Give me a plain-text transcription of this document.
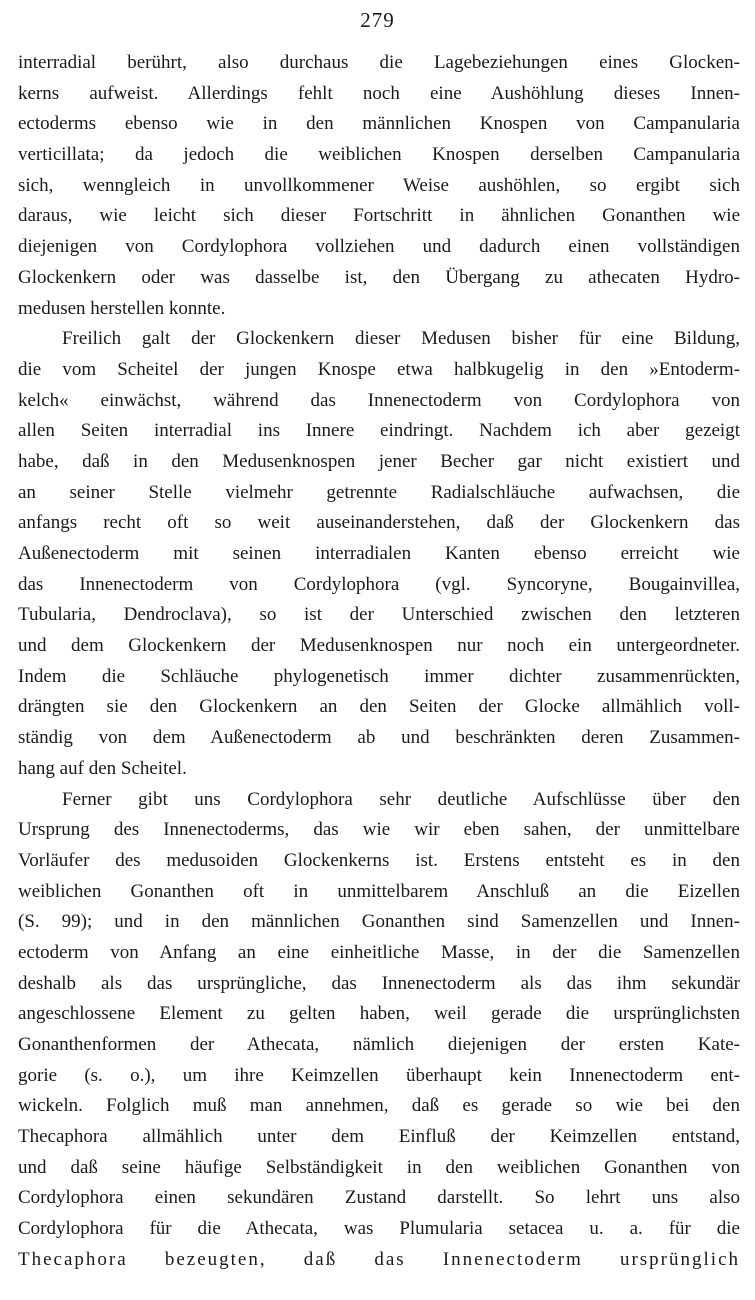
279
interradial berührt, also durchaus die Lagebeziehungen eines Glocken-
kerns aufweist. Allerdings fehlt noch eine Aushöhlung dieses Innen-
ectoderms ebenso wie in den männlichen Knospen von Campanularia
verticillata; da jedoch die weiblichen Knospen derselben Campanularia
sich, wenngleich in unvollkommener Weise aushöhlen, so ergibt sich
daraus, wie leicht sich dieser Fortschritt in ähnlichen Gonanthen wie
diejenigen von Cordylophora vollziehen und dadurch einen vollständigen
Glockenkern oder was dasselbe ist, den Übergang zu athecaten Hydro-
medusen herstellen konnte.
Freilich galt der Glockenkern dieser Medusen bisher für eine Bildung,
die vom Scheitel der jungen Knospe etwa halbkugelig in den »Entoderm-
kelch« einwächst, während das Innenectoderm von Cordylophora von
allen Seiten interradial ins Innere eindringt. Nachdem ich aber gezeigt
habe, daß in den Medusenknospen jener Becher gar nicht existiert und
an seiner Stelle vielmehr getrennte Radialschläuche aufwachsen, die
anfangs recht oft so weit auseinanderstehen, daß der Glockenkern das
Außenectoderm mit seinen interradialen Kanten ebenso erreicht wie
das Innenectoderm von Cordylophora (vgl. Syncoryne, Bougainvillea,
Tubularia, Dendroclava), so ist der Unterschied zwischen den letzteren
und dem Glockenkern der Medusenknospen nur noch ein untergeordneter.
Indem die Schläuche phylogenetisch immer dichter zusammenrückten,
drängten sie den Glockenkern an den Seiten der Glocke allmählich voll-
ständig von dem Außenectoderm ab und beschränkten deren Zusammen-
hang auf den Scheitel.
Ferner gibt uns Cordylophora sehr deutliche Aufschlüsse über den
Ursprung des Innenectoderms, das wie wir eben sahen, der unmittelbare
Vorläufer des medusoiden Glockenkerns ist. Erstens entsteht es in den
weiblichen Gonanthen oft in unmittelbarem Anschluß an die Eizellen
(S. 99); und in den männlichen Gonanthen sind Samenzellen und Innen-
ectoderm von Anfang an eine einheitliche Masse, in der die Samenzellen
deshalb als das ursprüngliche, das Innenectoderm als das ihm sekundär
angeschlossene Element zu gelten haben, weil gerade die ursprünglichsten
Gonanthenformen der Athecata, nämlich diejenigen der ersten Kate-
gorie (s. o.), um ihre Keimzellen überhaupt kein Innenectoderm ent-
wickeln. Folglich muß man annehmen, daß es gerade so wie bei den
Thecaphora allmählich unter dem Einfluß der Keimzellen entstand,
und daß seine häufige Selbständigkeit in den weiblichen Gonanthen von
Cordylophora einen sekundären Zustand darstellt. So lehrt uns also
Cordylophora für die Athecata, was Plumularia setacea u. a. für die
Thecaphora bezeugten, daß das Innenectoderm ursprünglich
